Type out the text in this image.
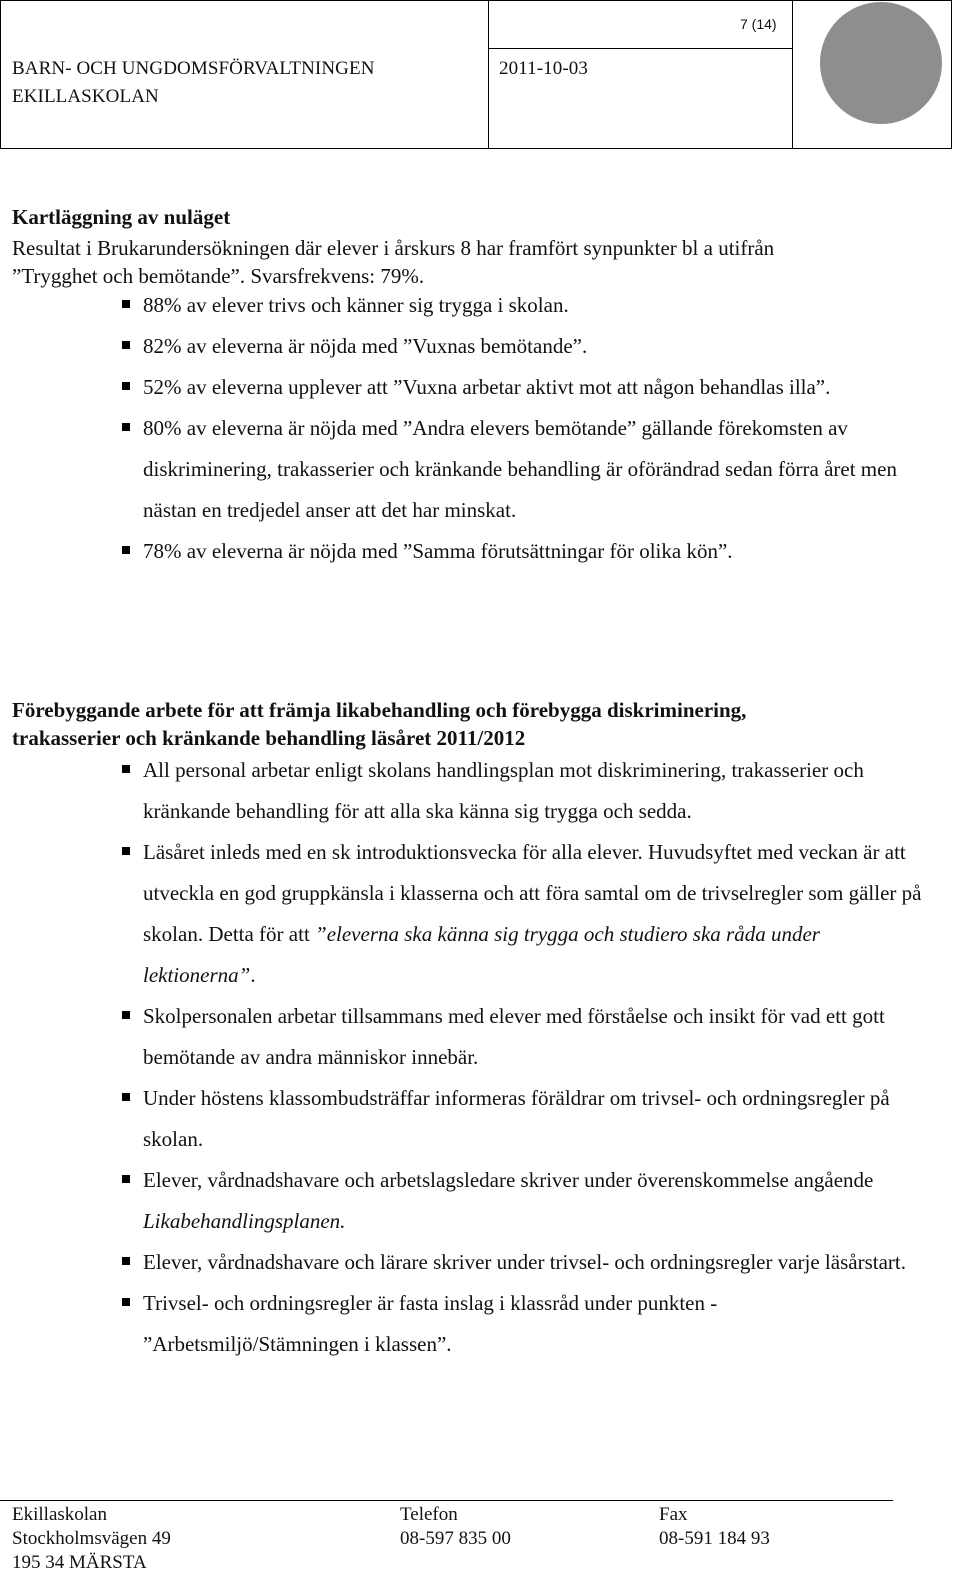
7 (14)
BARN- OCH UNGDOMSFÖRVALTNINGEN
EKILLASKOLAN
2011-10-03
Kartläggning av nuläget

Resultat i Brukarundersökningen där elever i årskurs 8 har framfört synpunkter bl a utifrån

”Trygghet och bemötande”. Svarsfrekvens: 79%.

88% av elever trivs och känner sig trygga i skolan.
82% av eleverna är nöjda med ”Vuxnas bemötande”.
52% av eleverna upplever att ”Vuxna arbetar aktivt mot att någon behandlas illa”.
80% av eleverna är nöjda med ”Andra elevers bemötande” gällande förekomsten av diskriminering, trakasserier och kränkande behandling är oförändrad sedan förra året men nästan en tredjedel anser att det har minskat.
78% av eleverna är nöjda med ”Samma förutsättningar för olika kön”.
Förebyggande arbete för att främja likabehandling och förebygga diskriminering,
trakasserier och kränkande behandling läsåret 2011/2012
All personal arbetar enligt skolans handlingsplan mot diskriminering, trakasserier och kränkande behandling för att alla ska känna sig trygga och sedda.
Läsåret inleds med en sk introduktionsvecka för alla elever. Huvudsyftet med veckan är att utveckla en god gruppkänsla i klasserna och att föra samtal om de trivselregler som gäller på skolan. Detta för att ”eleverna ska känna sig trygga och studiero ska råda under lektionerna”.
Skolpersonalen arbetar tillsammans med elever med förståelse och insikt för vad ett gott bemötande av andra människor innebär.
Under höstens klassombudsträffar informeras föräldrar om trivsel- och ordningsregler på skolan.
Elever, vårdnadshavare och arbetslagsledare skriver under överenskommelse angående Likabehandlingsplanen.
Elever, vårdnadshavare och lärare skriver under trivsel- och ordningsregler varje läsårstart.
Trivsel- och ordningsregler är fasta inslag i klassråd under punkten - ”Arbetsmiljö/Stämningen i klassen”.
Ekillaskolan
Stockholmsvägen 49
195 34 MÄRSTA
Telefon
08-597 835 00
Fax
08-591 184 93
